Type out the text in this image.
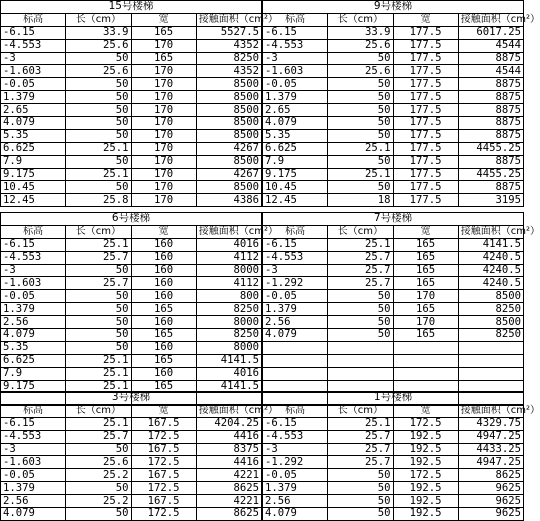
15号楼梯			
标高	长（cm）	宽	接触面积（cm²）
-6.15	33.9	165	5527.5
-4.553	25.6	170	4352
-3	50	165	8250
-1.603	25.6	170	4352
-0.05	50	170	8500
1.379	50	170	8500
2.65	50	170	8500
4.079	50	170	8500
5.35	50	170	8500
6.625	25.1	170	4267
7.9	50	170	8500
9.175	25.1	170	4267
10.45	50	170	8500
12.45	25.8	170	4386
9号楼梯			
标高	长（cm）	宽	接触面积（cm²）
-6.15	33.9	177.5	6017.25
-4.553	25.6	177.5	4544
-3	50	177.5	8875
-1.603	25.6	177.5	4544
-0.05	50	177.5	8875
1.379	50	177.5	8875
2.65	50	177.5	8875
4.079	50	177.5	8875
5.35	50	177.5	8875
6.625	25.1	177.5	4455.25
7.9	50	177.5	8875
9.175	25.1	177.5	4455.25
10.45	50	177.5	8875
12.45	18	177.5	3195
6号楼梯			
标高	长（cm）	宽	接触面积（cm²）
-6.15	25.1	160	4016
-4.553	25.7	160	4112
-3	50	160	8000
-1.603	25.7	160	4112
-0.05	50	160	800
1.379	50	165	8250
2.56	50	160	8000
4.079	50	165	8250
5.35	50	160	8000
6.625	25.1	165	4141.5
7.9	25.1	160	4016
9.175	25.1	165	4141.5

7号楼梯			
标高	长（cm）	宽	接触面积（cm²）
-6.15	25.1	165	4141.5
-4.553	25.7	165	4240.5
-3	25.7	165	4240.5
-1.292	25.7	165	4240.5
-0.05	50	170	8500
1.379	50	165	8250
2.56	50	170	8500
4.079	50	165	8250

3号楼梯			
标高	长（cm）	宽	接触面积（cm²）
-6.15	25.1	167.5	4204.25
-4.553	25.7	172.5	4416
-3	50	167.5	8375
-1.603	25.6	172.5	4416
-0.05	25.2	167.5	4221
1.379	50	172.5	8625
2.56	25.2	167.5	4221
4.079	50	172.5	8625
1号楼梯			
标高	长（cm）	宽	接触面积（cm²）
-6.15	25.1	172.5	4329.75
-4.553	25.7	192.5	4947.25
-3	25.7	192.5	4433.25
-1.292	25.7	192.5	4947.25
-0.05	50	172.5	8625
1.379	50	192.5	9625
2.56	50	192.5	9625
4.079	50	192.5	9625
